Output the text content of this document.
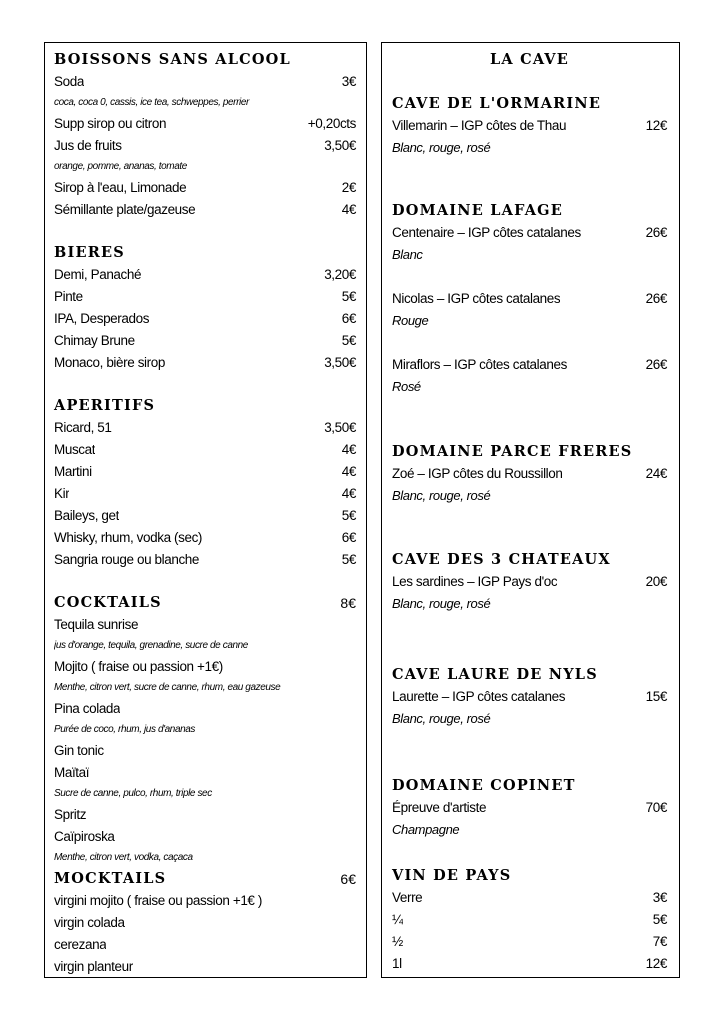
BOISSONS SANS ALCOOL
Soda	3€
coca, coca 0, cassis, ice tea, schweppes, perrier
Supp sirop ou citron	+0,20cts
Jus de fruits	3,50€
orange, pomme, ananas, tomate
Sirop à l'eau, Limonade	2€
Sémillante plate/gazeuse	4€
BIERES
Demi, Panaché	3,20€
Pinte	5€
IPA, Desperados	6€
Chimay Brune	5€
Monaco, bière sirop	3,50€
APERITIFS
Ricard, 51	3,50€
Muscat	4€
Martini	4€
Kir	4€
Baileys, get	5€
Whisky, rhum, vodka (sec)	6€
Sangria rouge ou blanche	5€
COCKTAILS	8€
Tequila sunrise
jus d'orange, tequila, grenadine, sucre de canne
Mojito ( fraise ou passion +1€)
Menthe, citron vert, sucre de canne, rhum, eau gazeuse
Pina colada
Purée de coco, rhum, jus d'ananas
Gin tonic
Maïtaï
Sucre de canne, pulco, rhum, triple sec
Spritz
Caïpiroska
Menthe, citron vert, vodka, caçaca
MOCKTAILS	6€
virgini mojito ( fraise ou passion +1€ )
virgin colada
cerezana
virgin planteur
LA CAVE
CAVE DE L'ORMARINE
Villemarin – IGP côtes de Thau	12€
Blanc, rouge, rosé
DOMAINE LAFAGE
Centenaire – IGP côtes catalanes	26€
Blanc
Nicolas – IGP côtes catalanes	26€
Rouge
Miraflors – IGP côtes catalanes	26€
Rosé
DOMAINE PARCE FRERES
Zoé – IGP côtes du Roussillon	24€
Blanc, rouge, rosé
CAVE DES 3 CHATEAUX
Les sardines – IGP Pays d'oc	20€
Blanc, rouge, rosé
CAVE LAURE DE NYLS
Laurette – IGP côtes catalanes	15€
Blanc, rouge, rosé
DOMAINE COPINET
Épreuve d'artiste	70€
Champagne
VIN DE PAYS
Verre	3€
¼	5€
½	7€
1l	12€
